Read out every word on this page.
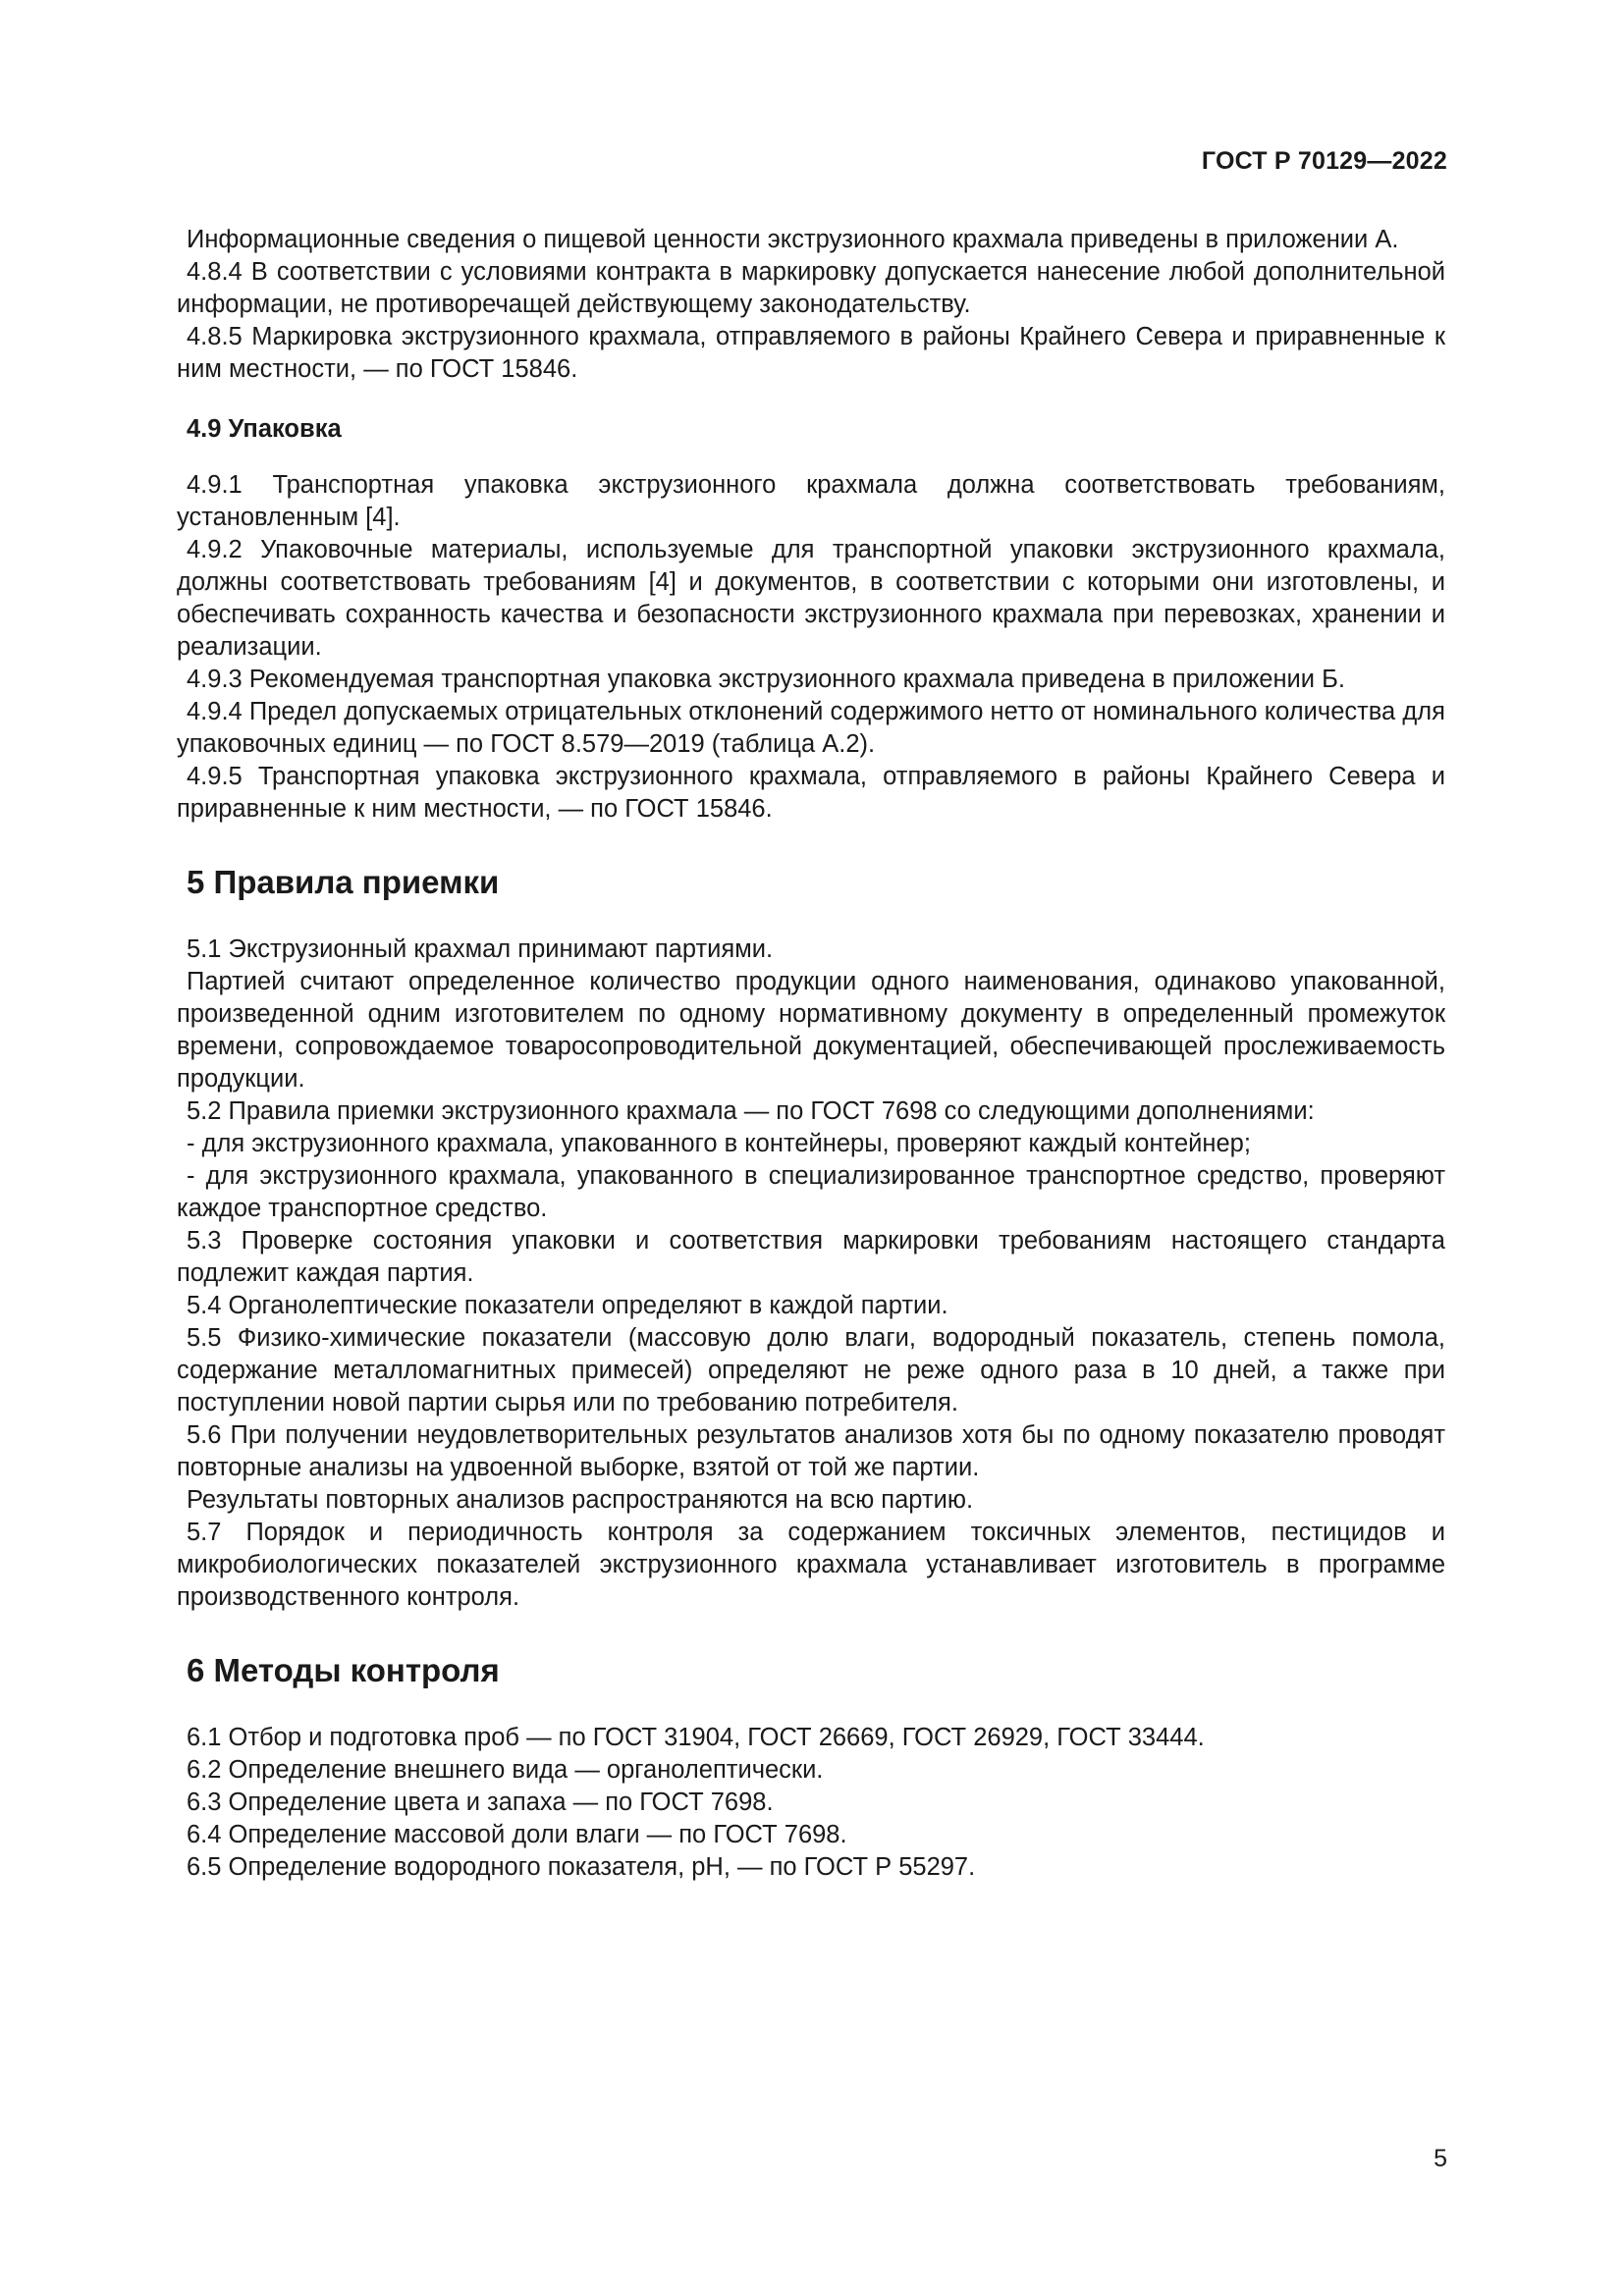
ГОСТ Р 70129—2022

Информационные сведения о пищевой ценности экструзионного крахмала приведены в приложении А.

4.8.4 В соответствии с условиями контракта в маркировку допускается нанесение любой дополнительной информации, не противоречащей действующему законодательству.

4.8.5 Маркировка экструзионного крахмала, отправляемого в районы Крайнего Севера и приравненные к ним местности, — по ГОСТ 15846.

4.9 Упаковка

4.9.1 Транспортная упаковка экструзионного крахмала должна соответствовать требованиям, установленным [4].

4.9.2 Упаковочные материалы, используемые для транспортной упаковки экструзионного крахмала, должны соответствовать требованиям [4] и документов, в соответствии с которыми они изготовлены, и обеспечивать сохранность качества и безопасности экструзионного крахмала при перевозках, хранении и реализации.

4.9.3 Рекомендуемая транспортная упаковка экструзионного крахмала приведена в приложении Б.

4.9.4 Предел допускаемых отрицательных отклонений содержимого нетто от номинального количества для упаковочных единиц — по ГОСТ 8.579—2019 (таблица А.2).

4.9.5 Транспортная упаковка экструзионного крахмала, отправляемого в районы Крайнего Севера и приравненные к ним местности, — по ГОСТ 15846.

5 Правила приемки

5.1 Экструзионный крахмал принимают партиями.

Партией считают определенное количество продукции одного наименования, одинаково упакованной, произведенной одним изготовителем по одному нормативному документу в определенный промежуток времени, сопровождаемое товаросопроводительной документацией, обеспечивающей прослеживаемость продукции.

5.2 Правила приемки экструзионного крахмала — по ГОСТ 7698 со следующими дополнениями:

- для экструзионного крахмала, упакованного в контейнеры, проверяют каждый контейнер;

- для экструзионного крахмала, упакованного в специализированное транспортное средство, проверяют каждое транспортное средство.

5.3 Проверке состояния упаковки и соответствия маркировки требованиям настоящего стандарта подлежит каждая партия.

5.4 Органолептические показатели определяют в каждой партии.

5.5 Физико-химические показатели (массовую долю влаги, водородный показатель, степень помола, содержание металломагнитных примесей) определяют не реже одного раза в 10 дней, а также при поступлении новой партии сырья или по требованию потребителя.

5.6 При получении неудовлетворительных результатов анализов хотя бы по одному показателю проводят повторные анализы на удвоенной выборке, взятой от той же партии.

Результаты повторных анализов распространяются на всю партию.

5.7 Порядок и периодичность контроля за содержанием токсичных элементов, пестицидов и микробиологических показателей экструзионного крахмала устанавливает изготовитель в программе производственного контроля.

6 Методы контроля

6.1 Отбор и подготовка проб — по ГОСТ 31904, ГОСТ 26669, ГОСТ 26929, ГОСТ 33444.

6.2 Определение внешнего вида — органолептически.

6.3 Определение цвета и запаха — по ГОСТ 7698.

6.4 Определение массовой доли влаги — по ГОСТ 7698.

6.5 Определение водородного показателя, pH, — по ГОСТ Р 55297.

5
